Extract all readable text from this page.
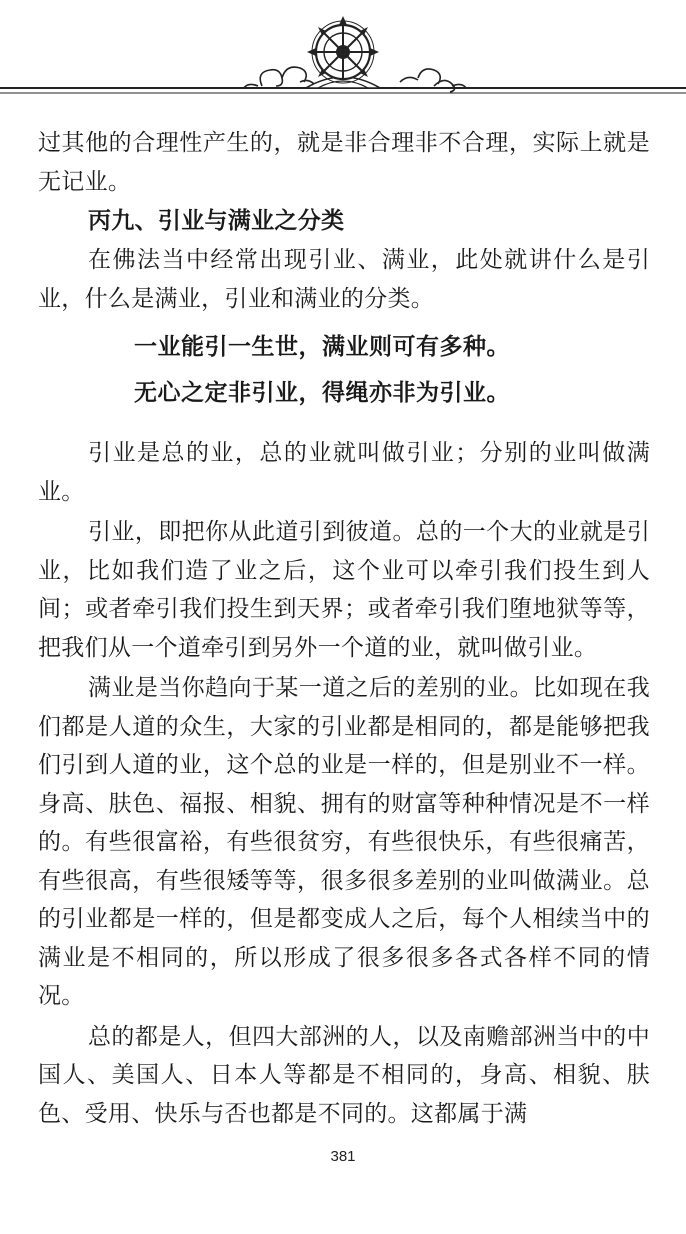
过其他的合理性产生的，就是非合理非不合理，实际上就是无记业。

丙九、引业与满业之分类

在佛法当中经常出现引业、满业，此处就讲什么是引业，什么是满业，引业和满业的分类。

一业能引一生世，满业则可有多种。

无心之定非引业，得绳亦非为引业。

引业是总的业，总的业就叫做引业；分别的业叫做满业。

引业，即把你从此道引到彼道。总的一个大的业就是引业，比如我们造了业之后，这个业可以牵引我们投生到人间；或者牵引我们投生到天界；或者牵引我们堕地狱等等，把我们从一个道牵引到另外一个道的业，就叫做引业。

满业是当你趋向于某一道之后的差别的业。比如现在我们都是人道的众生，大家的引业都是相同的，都是能够把我们引到人道的业，这个总的业是一样的，但是别业不一样。身高、肤色、福报、相貌、拥有的财富等种种情况是不一样的。有些很富裕，有些很贫穷，有些很快乐，有些很痛苦，有些很高，有些很矮等等，很多很多差别的业叫做满业。总的引业都是一样的，但是都变成人之后，每个人相续当中的满业是不相同的，所以形成了很多很多各式各样不同的情况。

总的都是人，但四大部洲的人，以及南赡部洲当中的中国人、美国人、日本人等都是不相同的，身高、相貌、肤色、受用、快乐与否也都是不同的。这都属于满

381
